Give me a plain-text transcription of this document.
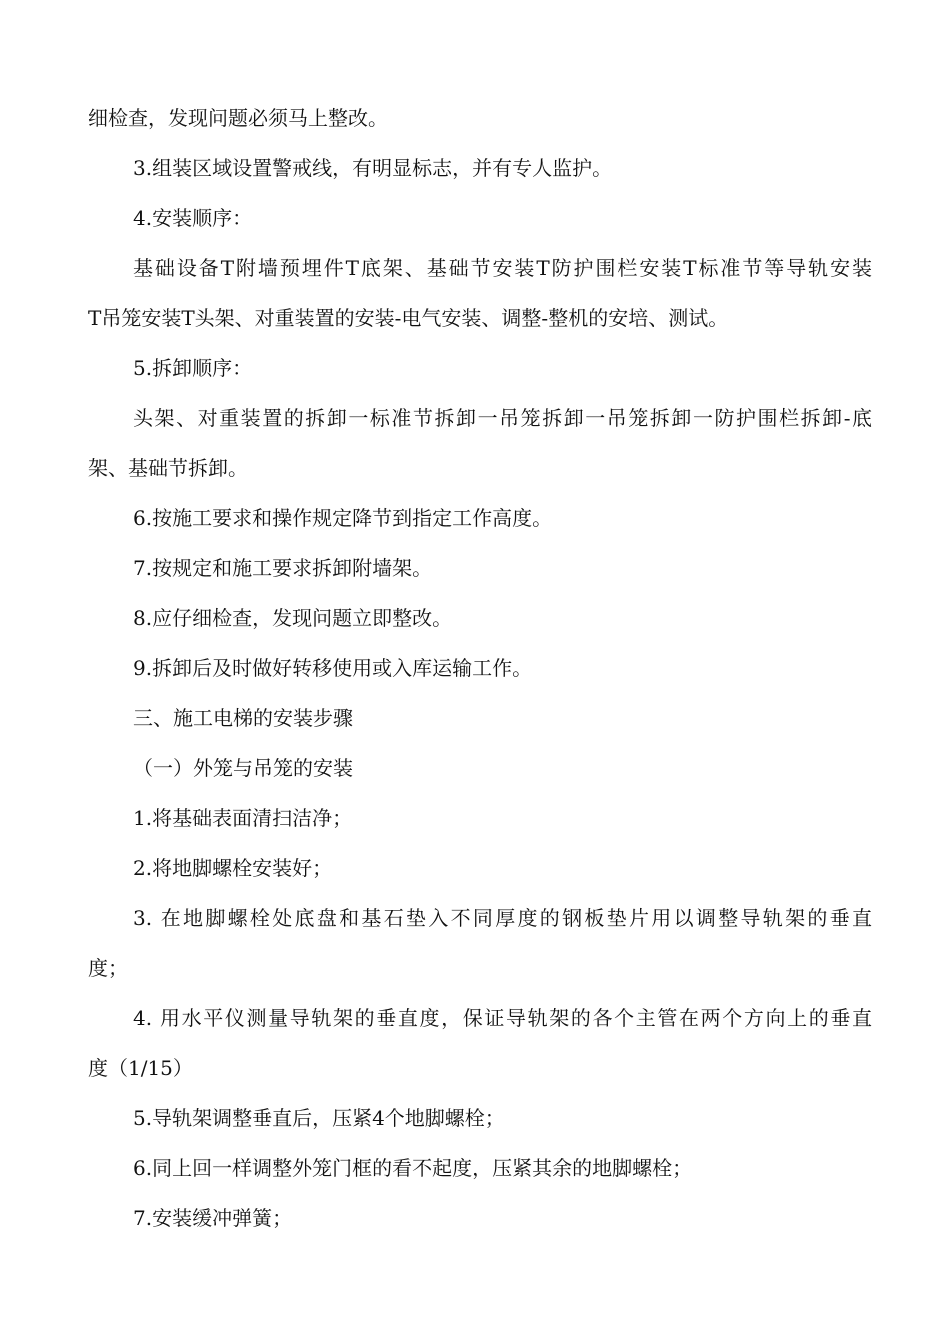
细检查，发现问题必须马上整改。
3.组装区域设置警戒线，有明显标志，并有专人监护。
4.安装顺序：
基础设备T附墙预埋件T底架、基础节安装T防护围栏安装T标准节等导轨安装
T吊笼安装T头架、对重装置的安装-电气安装、调整-整机的安培、测试。
5.拆卸顺序：
头架、对重装置的拆卸一标准节拆卸一吊笼拆卸一吊笼拆卸一防护围栏拆卸-底
架、基础节拆卸。
6.按施工要求和操作规定降节到指定工作高度。
7.按规定和施工要求拆卸附墙架。
8.应仔细检查，发现问题立即整改。
9.拆卸后及时做好转移使用或入库运输工作。
三、施工电梯的安装步骤
（一）外笼与吊笼的安装
1.将基础表面清扫洁净；
2.将地脚螺栓安装好；
3. 在地脚螺栓处底盘和基石垫入不同厚度的钢板垫片用以调整导轨架的垂直
度；
4. 用水平仪测量导轨架的垂直度，保证导轨架的各个主管在两个方向上的垂直
度（1/15）
5.导轨架调整垂直后，压紧4个地脚螺栓；
6.同上回一样调整外笼门框的看不起度，压紧其余的地脚螺栓；
7.安装缓冲弹簧；
